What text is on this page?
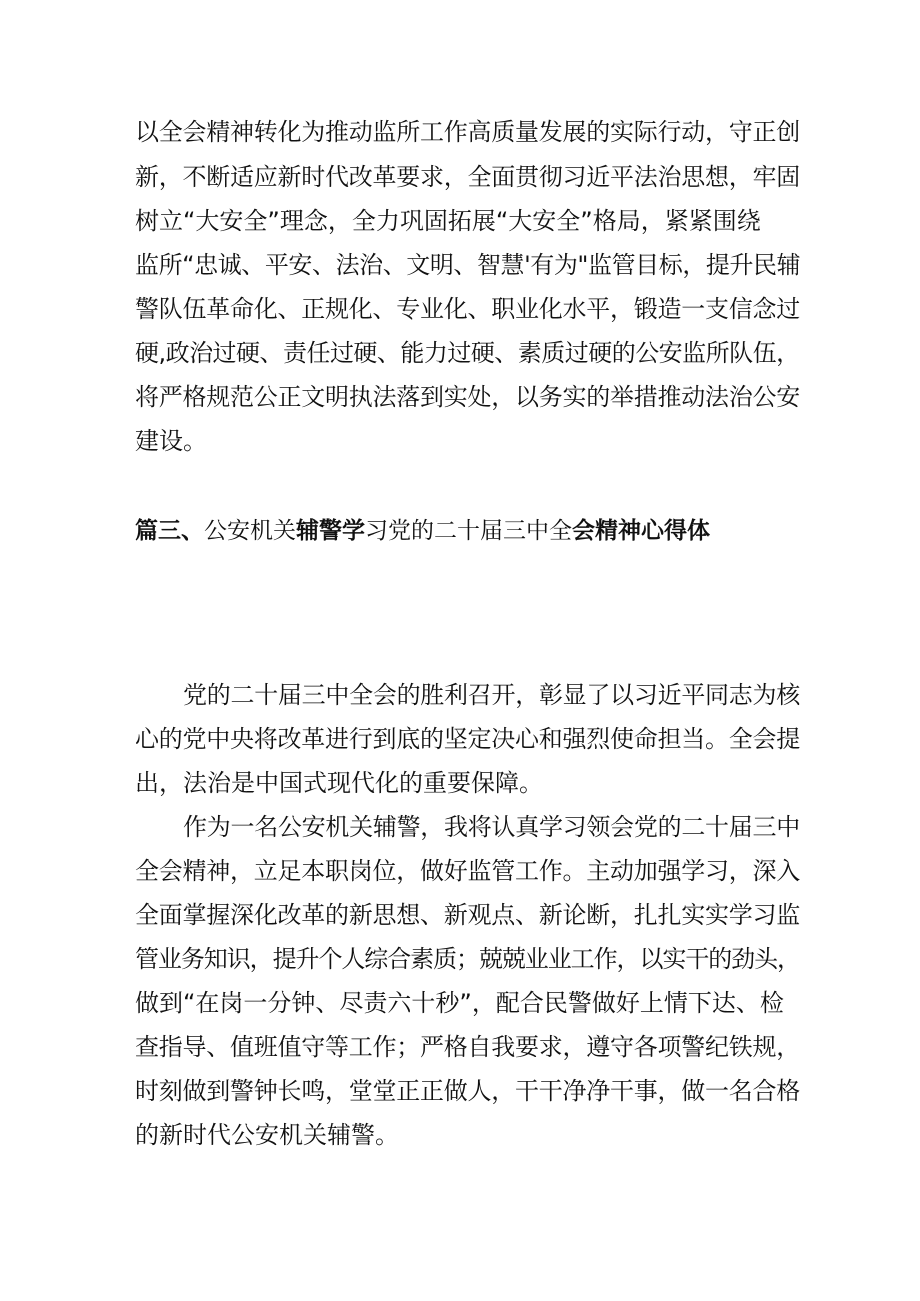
以全会精神转化为推动监所工作高质量发展的实际行动，守正创
新，不断适应新时代改革要求，全面贯彻习近平法治思想，牢固
树立“大安全”理念，全力巩固拓展“大安全”格局，紧紧围绕
监所“忠诚、平安、法治、文明、智慧'有为"监管目标，提升民辅
警队伍革命化、正规化、专业化、职业化水平，锻造一支信念过
硬,政治过硬、责任过硬、能力过硬、素质过硬的公安监所队伍，
将严格规范公正文明执法落到实处，以务实的举措推动法治公安
建设。
篇三、公安机关辅警学习党的二十届三中全会精神心得体
党的二十届三中全会的胜利召开，彰显了以习近平同志为核
心的党中央将改革进行到底的坚定决心和强烈使命担当。全会提
出，法治是中国式现代化的重要保障。
作为一名公安机关辅警，我将认真学习领会党的二十届三中
全会精神，立足本职岗位，做好监管工作。主动加强学习，深入
全面掌握深化改革的新思想、新观点、新论断，扎扎实实学习监
管业务知识，提升个人综合素质；兢兢业业工作，以实干的劲头，
做到“在岗一分钟、尽责六十秒”，配合民警做好上情下达、检
查指导、值班值守等工作；严格自我要求，遵守各项警纪铁规，
时刻做到警钟长鸣，堂堂正正做人，干干净净干事，做一名合格
的新时代公安机关辅警。
